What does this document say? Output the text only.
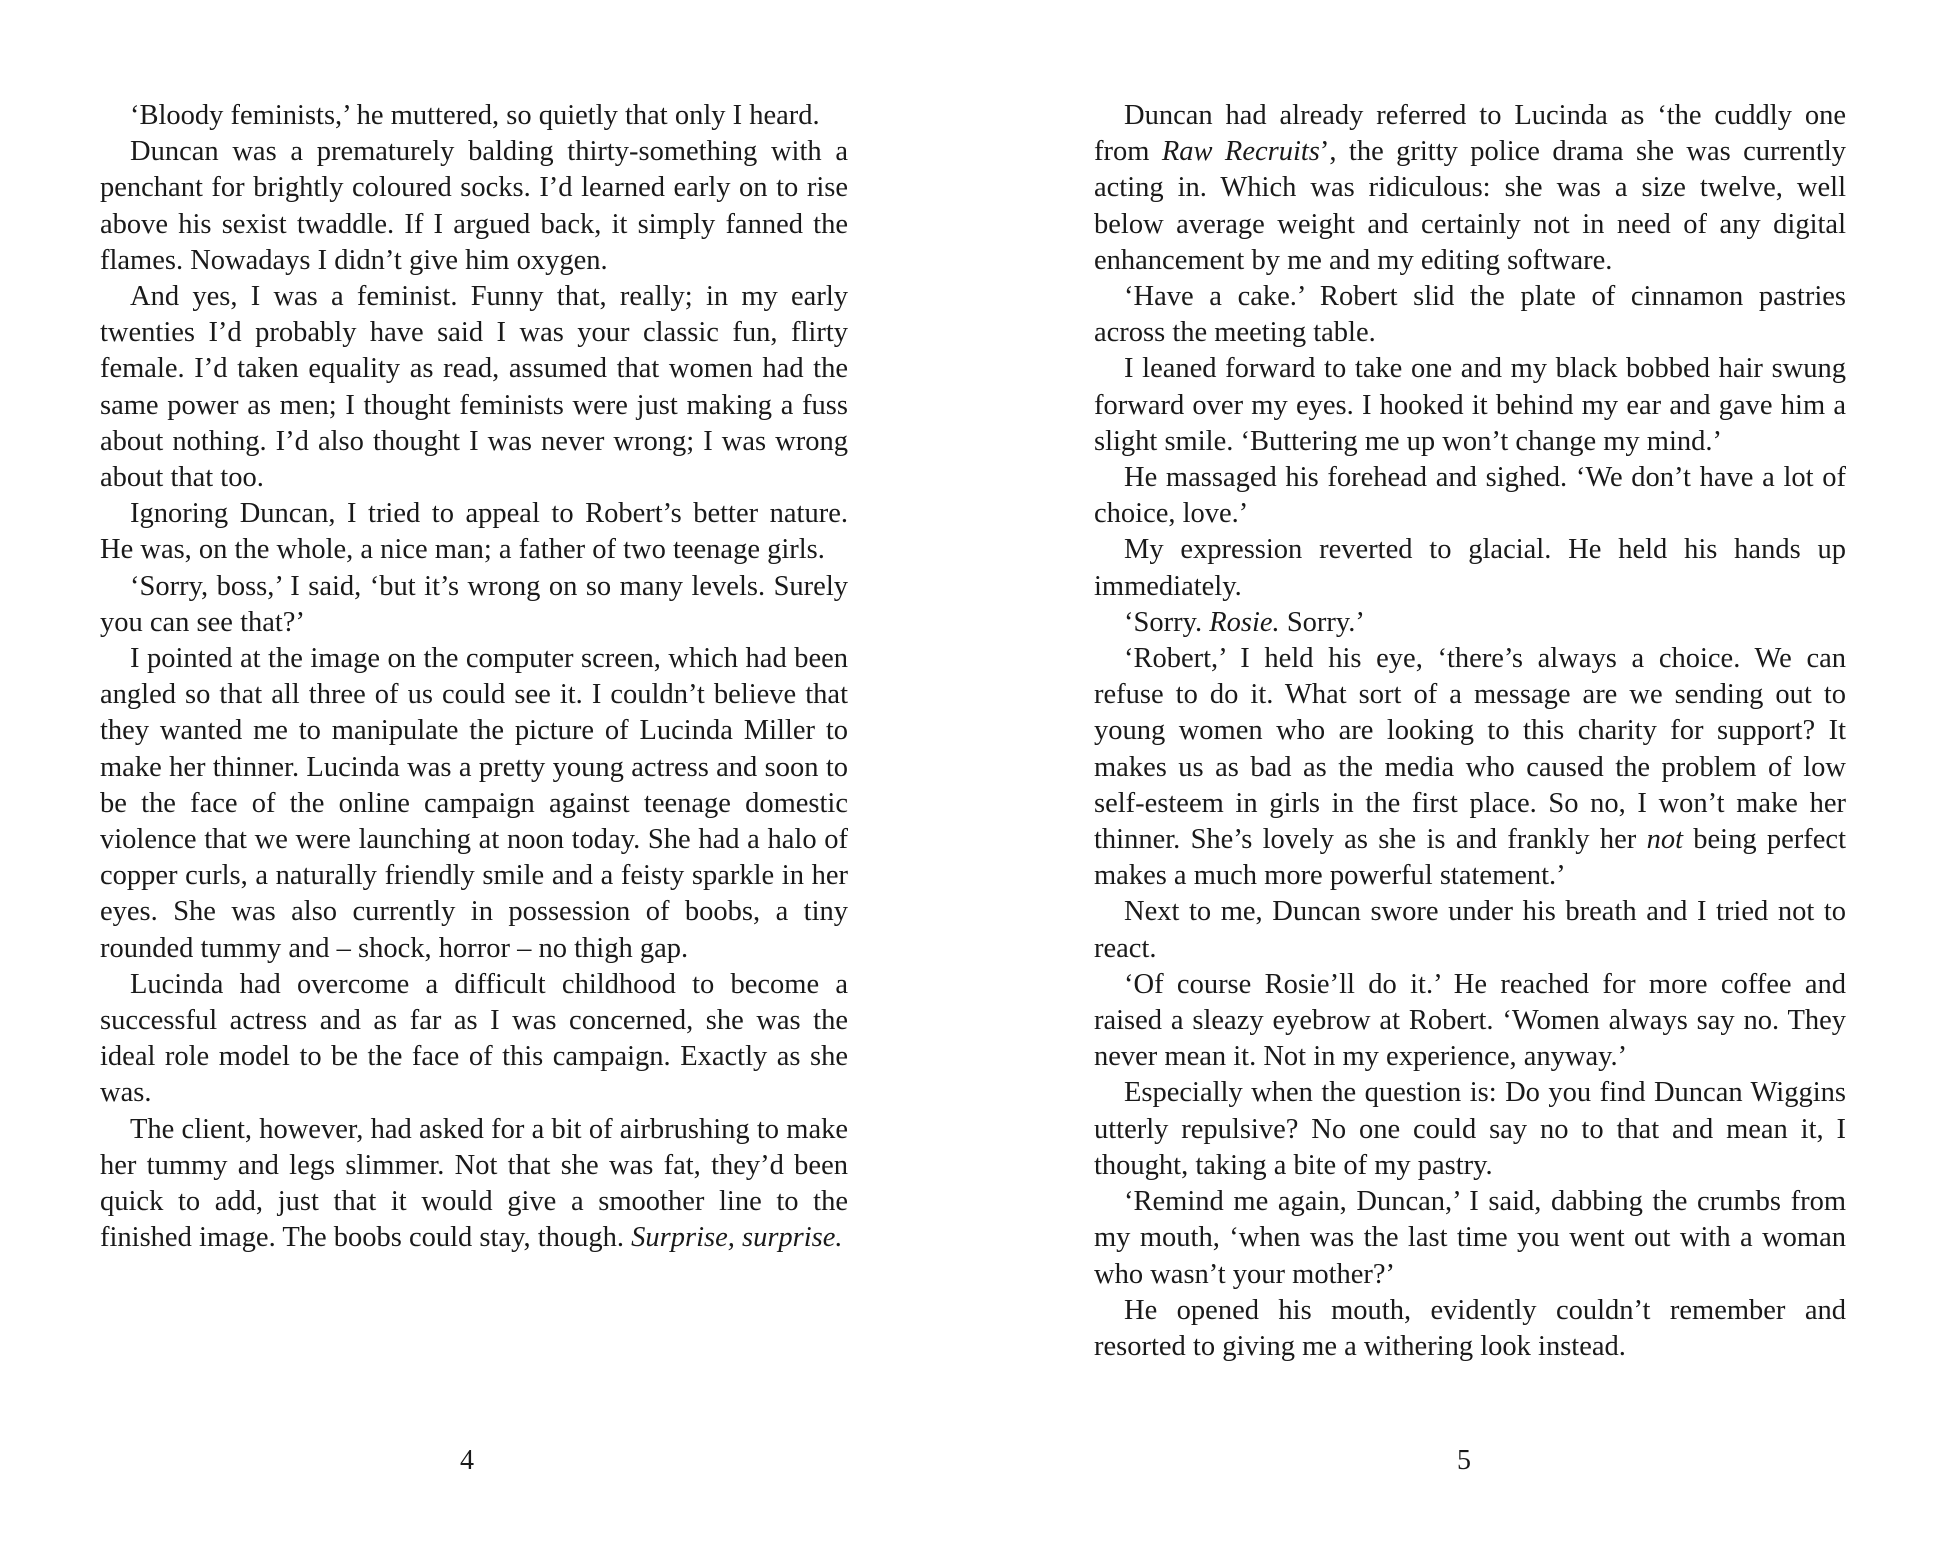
‘Bloody feminists,’ he muttered, so quietly that only I heard.

Duncan was a prematurely balding thirty-something with a penchant for brightly coloured socks. I’d learned early on to rise above his sexist twaddle. If I argued back, it simply fanned the flames. Nowadays I didn’t give him oxygen.

And yes, I was a feminist. Funny that, really; in my early twenties I’d probably have said I was your classic fun, flirty female. I’d taken equality as read, assumed that women had the same power as men; I thought feminists were just making a fuss about nothing. I’d also thought I was never wrong; I was wrong about that too.

Ignoring Duncan, I tried to appeal to Robert’s better nature. He was, on the whole, a nice man; a father of two teenage girls.

‘Sorry, boss,’ I said, ‘but it’s wrong on so many levels. Surely you can see that?’

I pointed at the image on the computer screen, which had been angled so that all three of us could see it. I couldn’t believe that they wanted me to manipulate the picture of Lucinda Miller to make her thinner. Lucinda was a pretty young actress and soon to be the face of the online campaign against teenage domestic violence that we were launching at noon today. She had a halo of copper curls, a naturally friendly smile and a feisty sparkle in her eyes. She was also currently in possession of boobs, a tiny rounded tummy and – shock, horror – no thigh gap.

Lucinda had overcome a difficult childhood to become a successful actress and as far as I was concerned, she was the ideal role model to be the face of this campaign. Exactly as she was.

The client, however, had asked for a bit of airbrushing to make her tummy and legs slimmer. Not that she was fat, they’d been quick to add, just that it would give a smoother line to the finished image. The boobs could stay, though. Surprise, surprise.

4

Duncan had already referred to Lucinda as ‘the cuddly one from Raw Recruits’, the gritty police drama she was currently acting in. Which was ridiculous: she was a size twelve, well below average weight and certainly not in need of any digital enhancement by me and my editing software.

‘Have a cake.’ Robert slid the plate of cinnamon pastries across the meeting table.

I leaned forward to take one and my black bobbed hair swung forward over my eyes. I hooked it behind my ear and gave him a slight smile. ‘Buttering me up won’t change my mind.’

He massaged his forehead and sighed. ‘We don’t have a lot of choice, love.’

My expression reverted to glacial. He held his hands up immediately.

‘Sorry. Rosie. Sorry.’

‘Robert,’ I held his eye, ‘there’s always a choice. We can refuse to do it. What sort of a message are we sending out to young women who are looking to this charity for support? It makes us as bad as the media who caused the problem of low self-esteem in girls in the first place. So no, I won’t make her thinner. She’s lovely as she is and frankly her not being perfect makes a much more powerful statement.’

Next to me, Duncan swore under his breath and I tried not to react.

‘Of course Rosie’ll do it.’ He reached for more coffee and raised a sleazy eyebrow at Robert. ‘Women always say no. They never mean it. Not in my experience, anyway.’

Especially when the question is: Do you find Duncan Wiggins utterly repulsive? No one could say no to that and mean it, I thought, taking a bite of my pastry.

‘Remind me again, Duncan,’ I said, dabbing the crumbs from my mouth, ‘when was the last time you went out with a woman who wasn’t your mother?’

He opened his mouth, evidently couldn’t remember and resorted to giving me a withering look instead.

5
